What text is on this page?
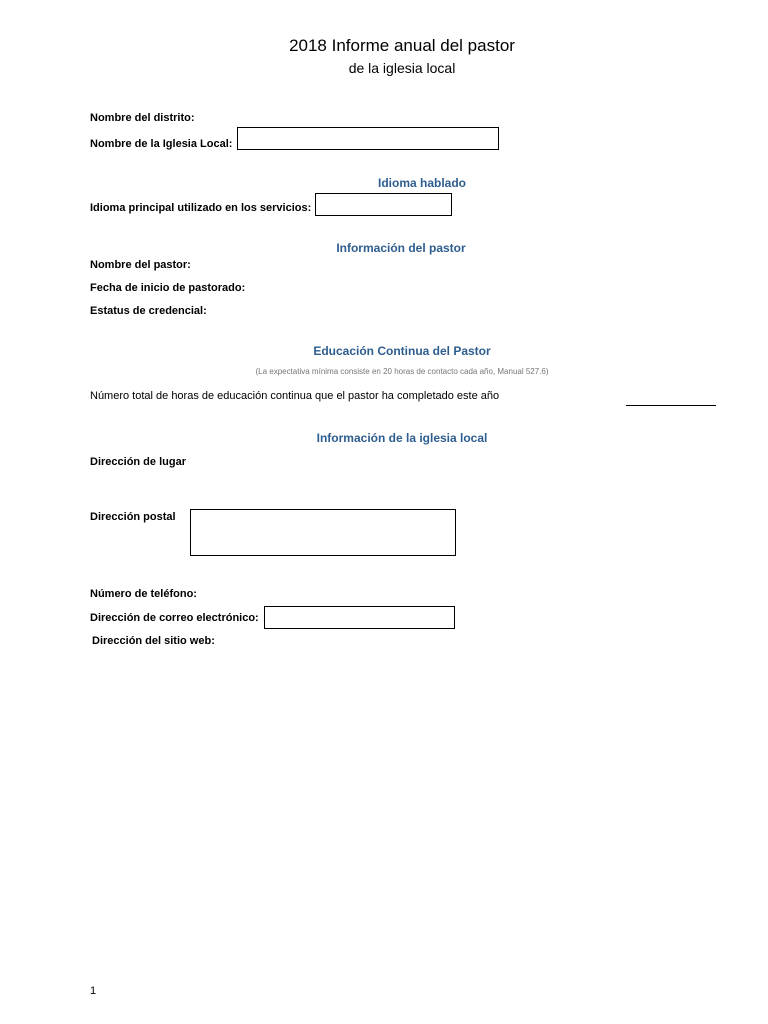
2018 Informe anual del pastor
de la iglesia local
Nombre del distrito:
Nombre de la Iglesia Local:
Idioma hablado
Idioma principal utilizado en los servicios:
Información del pastor
Nombre del pastor:
Fecha de inicio de pastorado:
Estatus de credencial:
Educación Continua del Pastor
(La expectativa mínima consiste en 20 horas de contacto cada año, Manual 527.6)
Número total de horas de educación continua que el pastor ha completado este año
Información de la iglesia local
Dirección de lugar
Dirección postal
Número de teléfono:
Dirección de correo electrónico:
Dirección del sitio web:
1
